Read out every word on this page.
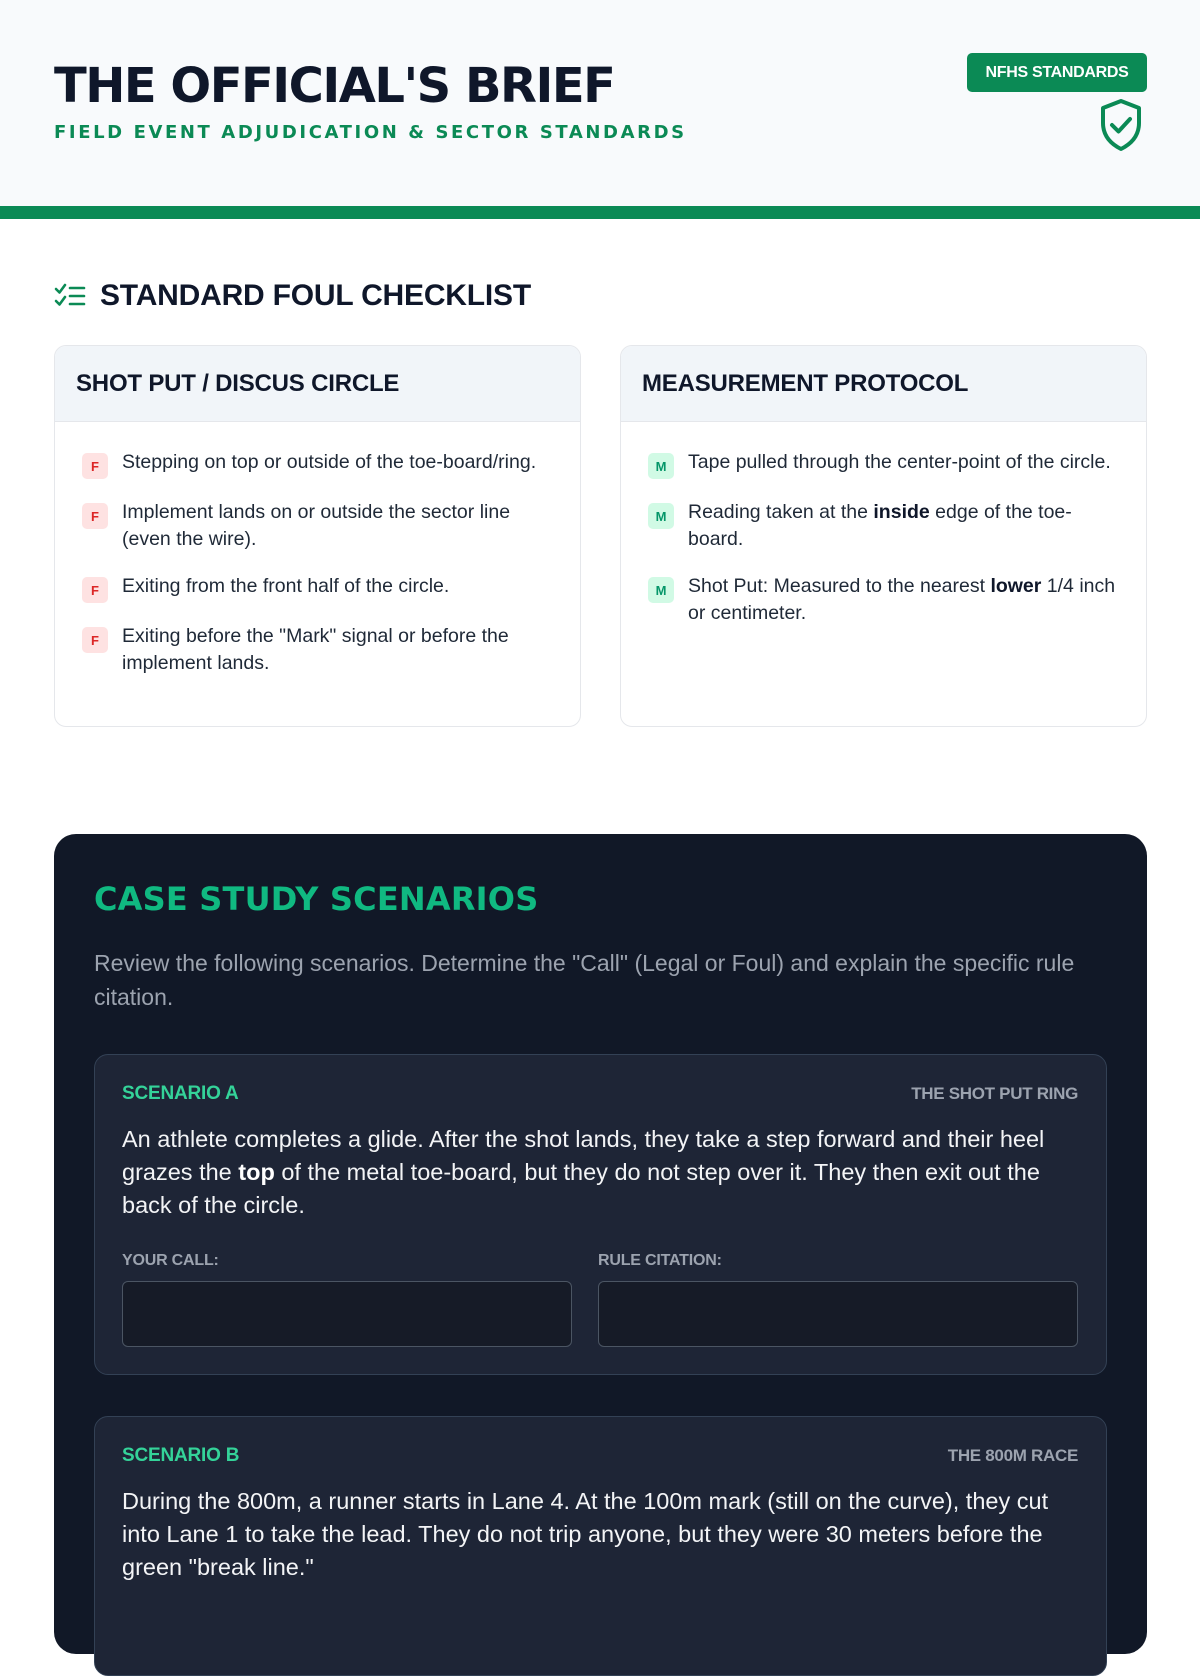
THE OFFICIAL'S BRIEF
FIELD EVENT ADJUDICATION & SECTOR STANDARDS
NFHS STANDARDS
STANDARD FOUL CHECKLIST
SHOT PUT / DISCUS CIRCLE
F	Stepping on top or outside of the toe-board/ring.
F	Implement lands on or outside the sector line (even the wire).
F	Exiting from the front half of the circle.
F	Exiting before the "Mark" signal or before the implement lands.
MEASUREMENT PROTOCOL
M	Tape pulled through the center-point of the circle.
M	Reading taken at the inside edge of the toe-board.
M	Shot Put: Measured to the nearest lower 1/4 inch or centimeter.
CASE STUDY SCENARIOS
Review the following scenarios. Determine the "Call" (Legal or Foul) and explain the specific rule citation.
SCENARIO A	THE SHOT PUT RING
An athlete completes a glide. After the shot lands, they take a step forward and their heel grazes the top of the metal toe-board, but they do not step over it. They then exit out the back of the circle.
YOUR CALL:	RULE CITATION:
SCENARIO B	THE 800M RACE
During the 800m, a runner starts in Lane 4. At the 100m mark (still on the curve), they cut into Lane 1 to take the lead. They do not trip anyone, but they were 30 meters before the green "break line."
